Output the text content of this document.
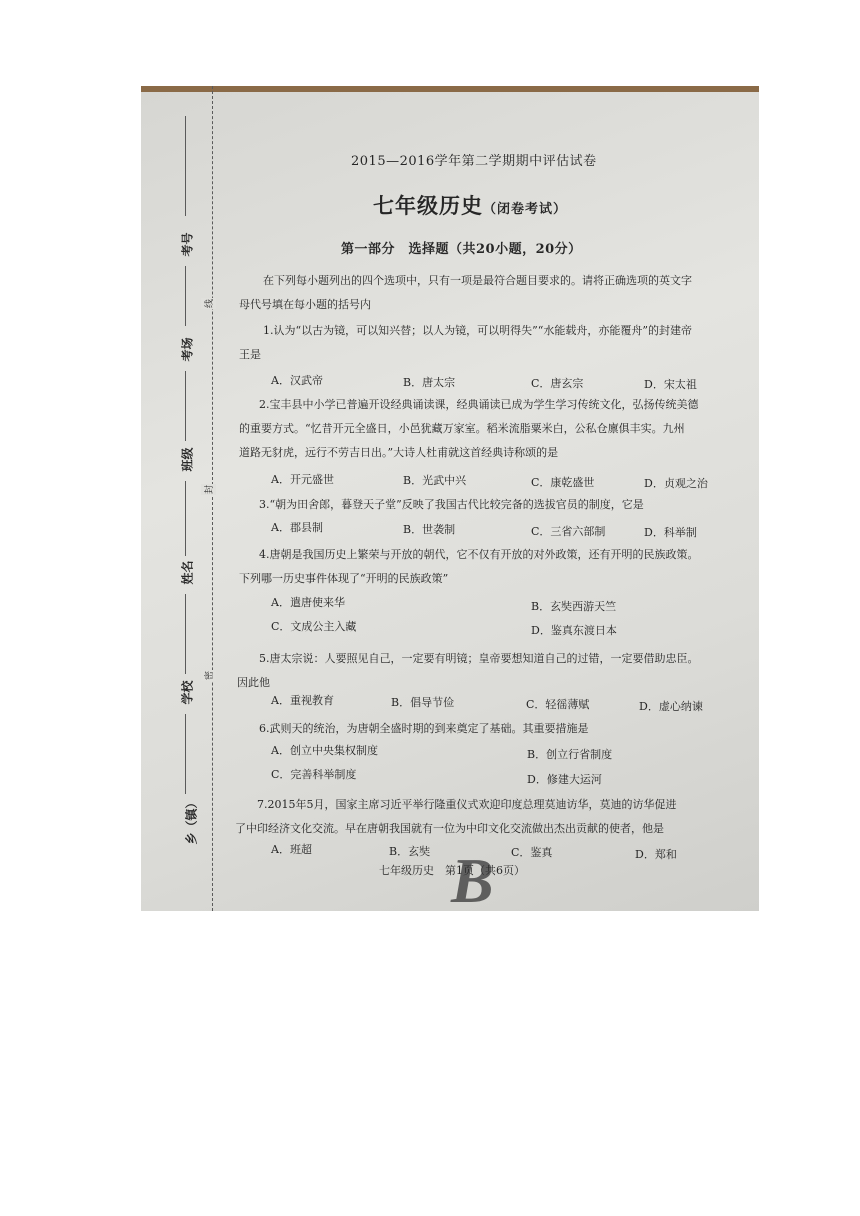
考号
考场
班级
姓名
学校
乡（镇）
线
封
密
2015—2016学年第二学期期中评估试卷
七年级历史（闭卷考试）
第一部分　选择题（共20小题，20分）
在下列每小题列出的四个选项中，只有一项是最符合题目要求的。请将正确选项的英文字
母代号填在每小题的括号内
1.认为“以古为镜，可以知兴替；以人为镜，可以明得失”“水能载舟，亦能覆舟”的封建帝
王是
A．汉武帝	B．唐太宗	C．唐玄宗	D．宋太祖
2.宝丰县中小学已普遍开设经典诵读课，经典诵读已成为学生学习传统文化，弘扬传统美德
的重要方式。“忆昔开元全盛日，小邑犹藏万家室。稻米流脂粟米白，公私仓廪俱丰实。九州
道路无豺虎，远行不劳吉日出。”大诗人杜甫就这首经典诗称颂的是
A．开元盛世	B．光武中兴	C．康乾盛世	D．贞观之治
3.“朝为田舍郎，暮登天子堂”反映了我国古代比较完备的选拔官员的制度，它是
A．郡县制	B．世袭制	C．三省六部制	D．科举制
4.唐朝是我国历史上繁荣与开放的朝代，它不仅有开放的对外政策，还有开明的民族政策。
下列哪一历史事件体现了“开明的民族政策”
A．遣唐使来华	B．玄奘西游天竺
C．文成公主入藏	D．鉴真东渡日本
5.唐太宗说：人要照见自己，一定要有明镜；皇帝要想知道自己的过错，一定要借助忠臣。
因此他
A．重视教育	B．倡导节俭	C．轻徭薄赋	D．虚心纳谏
6.武则天的统治，为唐朝全盛时期的到来奠定了基础。其重要措施是
A．创立中央集权制度	B．创立行省制度
C．完善科举制度	D．修建大运河
7.2015年5月，国家主席习近平举行隆重仪式欢迎印度总理莫迪访华，莫迪的访华促进
了中印经济文化交流。早在唐朝我国就有一位为中印文化交流做出杰出贡献的使者，他是
A．班超	B．玄奘	C．鉴真	D．郑和
B
七年级历史　第1页（共6页）
